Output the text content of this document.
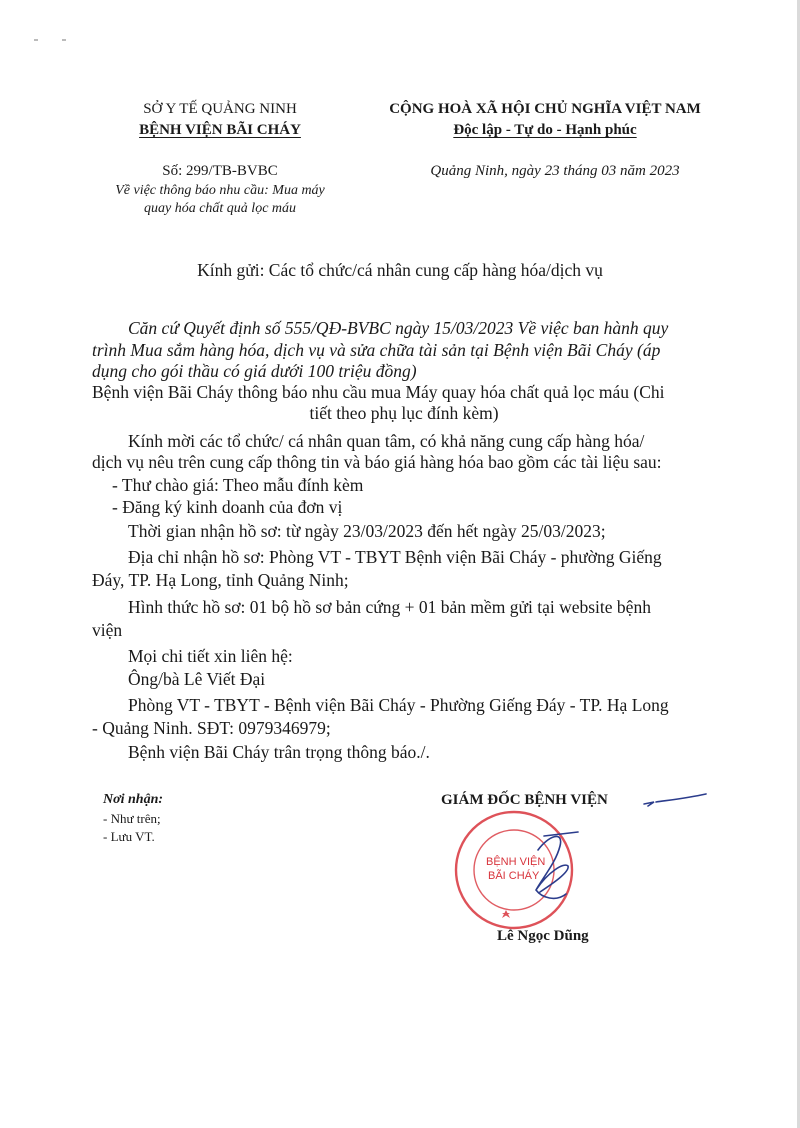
SỞ Y TẾ QUẢNG NINH
BỆNH VIỆN BÃI CHÁY
CỘNG HOÀ XÃ HỘI CHỦ NGHĨA VIỆT NAM
Độc lập - Tự do - Hạnh phúc
Số: 299/TB-BVBC
Về việc thông báo nhu cầu: Mua máy
quay hóa chất quả lọc máu
Quảng Ninh, ngày 23 tháng 03 năm 2023
Kính gửi: Các tổ chức/cá nhân cung cấp hàng hóa/dịch vụ
Căn cứ Quyết định số 555/QĐ-BVBC ngày 15/03/2023 Về việc ban hành quy
trình Mua sắm hàng hóa, dịch vụ và sửa chữa tài sản tại Bệnh viện Bãi Cháy (áp
dụng cho gói thầu có giá dưới 100 triệu đồng)
Bệnh viện Bãi Cháy thông báo nhu cầu mua Máy quay hóa chất quả lọc máu (Chi
tiết theo phụ lục đính kèm)
Kính mời các tổ chức/ cá nhân quan tâm, có khả năng cung cấp hàng hóa/
dịch vụ nêu trên cung cấp thông tin và báo giá hàng hóa bao gồm các tài liệu sau:
- Thư chào giá: Theo mẫu đính kèm
- Đăng ký kinh doanh của đơn vị
Thời gian nhận hồ sơ: từ ngày 23/03/2023 đến hết ngày 25/03/2023;
Địa chỉ nhận hồ sơ: Phòng VT - TBYT Bệnh viện Bãi Cháy - phường Giếng
Đáy, TP. Hạ Long, tỉnh Quảng Ninh;
Hình thức hồ sơ: 01 bộ hồ sơ bản cứng + 01 bản mềm gửi tại website bệnh
viện
Mọi chi tiết xin liên hệ:
Ông/bà Lê Viết Đại
Phòng VT - TBYT - Bệnh viện Bãi Cháy - Phường Giếng Đáy - TP. Hạ Long
- Quảng Ninh. SĐT: 0979346979;
Bệnh viện Bãi Cháy trân trọng thông báo./.
Nơi nhận:
- Như trên;
- Lưu VT.
GIÁM ĐỐC BỆNH VIỆN
BỆNH VIỆN
BÃI CHÁY
Lê Ngọc Dũng
